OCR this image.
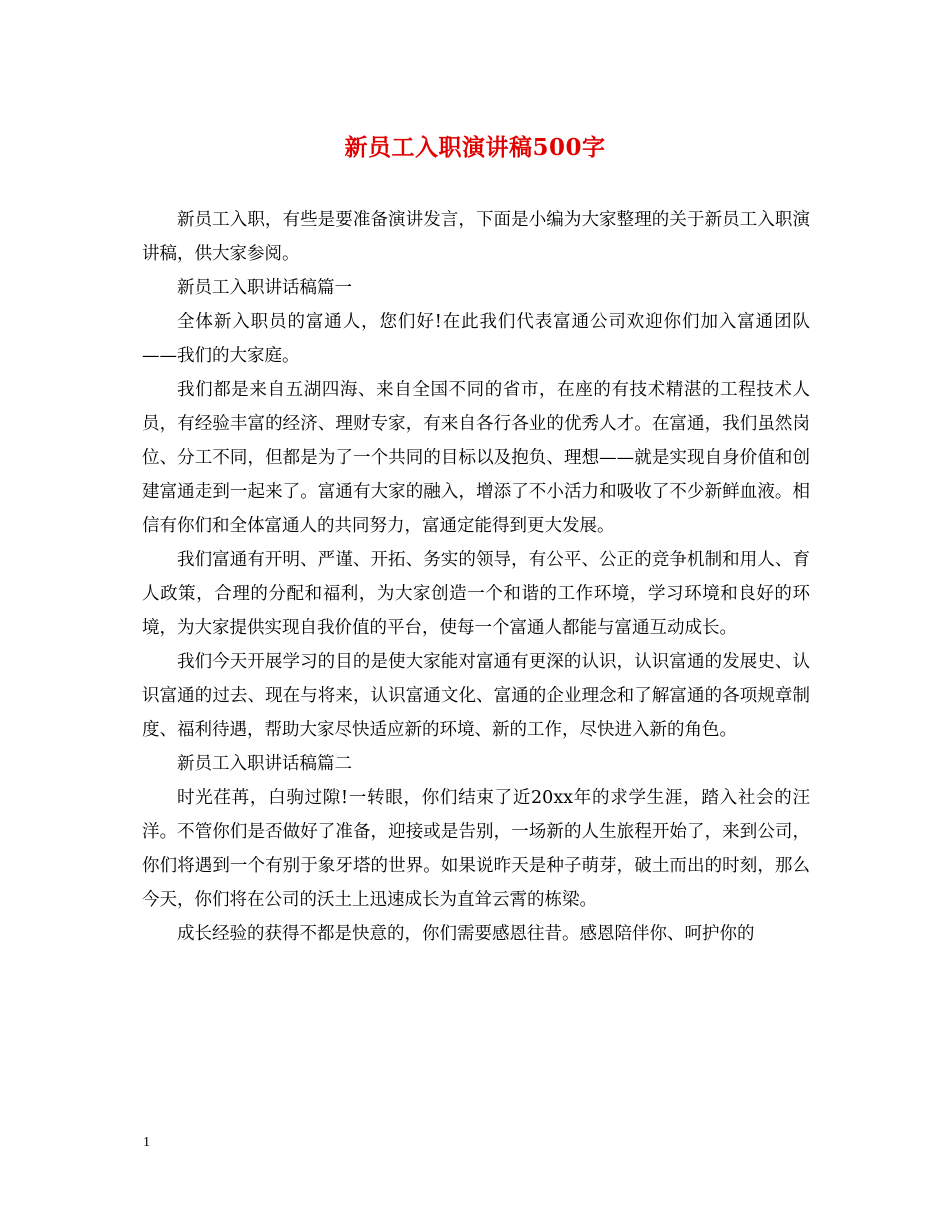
新员工入职演讲稿500字

新员工入职，有些是要准备演讲发言，下面是小编为大家整理的关于新员工入职演讲稿，供大家参阅。

新员工入职讲话稿篇一

全体新入职员的富通人，您们好!在此我们代表富通公司欢迎你们加入富通团队——我们的大家庭。

我们都是来自五湖四海、来自全国不同的省市，在座的有技术精湛的工程技术人员，有经验丰富的经济、理财专家，有来自各行各业的优秀人才。在富通，我们虽然岗位、分工不同，但都是为了一个共同的目标以及抱负、理想——就是实现自身价值和创建富通走到一起来了。富通有大家的融入，增添了不小活力和吸收了不少新鲜血液。相信有你们和全体富通人的共同努力，富通定能得到更大发展。

我们富通有开明、严谨、开拓、务实的领导，有公平、公正的竞争机制和用人、育人政策，合理的分配和福利，为大家创造一个和谐的工作环境，学习环境和良好的环境，为大家提供实现自我价值的平台，使每一个富通人都能与富通互动成长。

我们今天开展学习的目的是使大家能对富通有更深的认识，认识富通的发展史、认识富通的过去、现在与将来，认识富通文化、富通的企业理念和了解富通的各项规章制度、福利待遇，帮助大家尽快适应新的环境、新的工作，尽快进入新的角色。

新员工入职讲话稿篇二

时光荏苒，白驹过隙!一转眼，你们结束了近20xx年的求学生涯，踏入社会的汪洋。不管你们是否做好了准备，迎接或是告别，一场新的人生旅程开始了，来到公司，你们将遇到一个有别于象牙塔的世界。如果说昨天是种子萌芽，破土而出的时刻，那么今天，你们将在公司的沃土上迅速成长为直耸云霄的栋梁。

成长经验的获得不都是快意的，你们需要感恩往昔。感恩陪伴你、呵护你的

1
